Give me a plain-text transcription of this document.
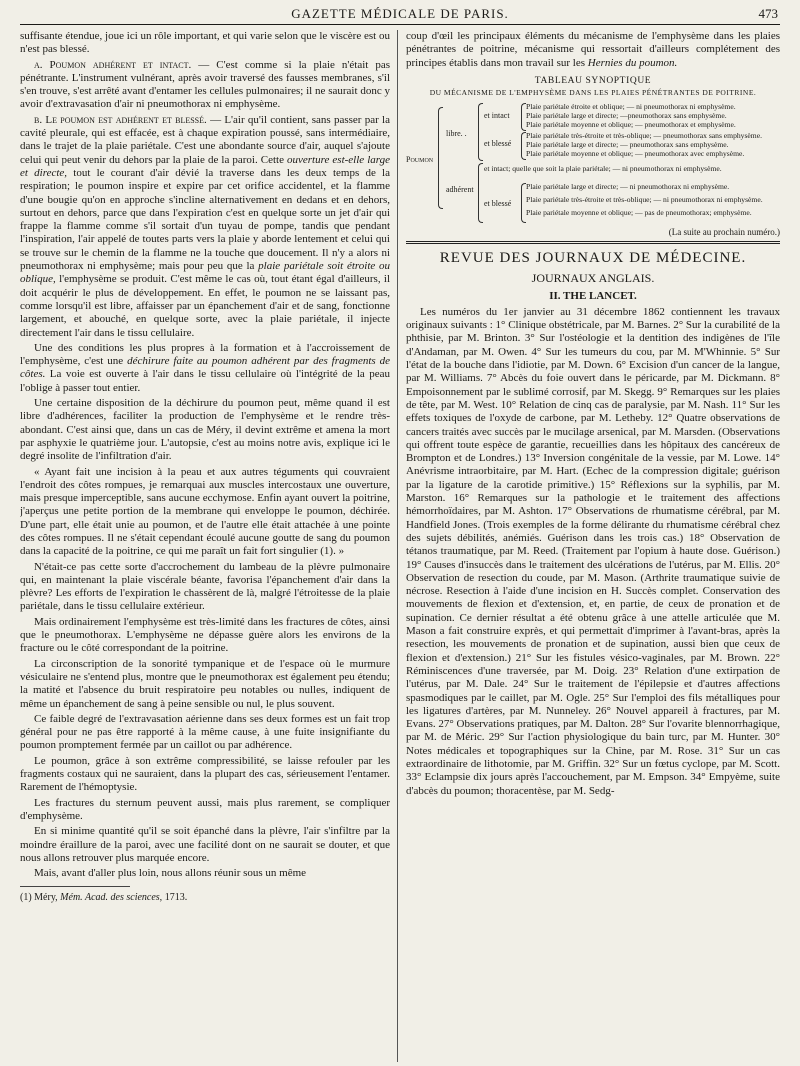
GAZETTE MÉDICALE DE PARIS.	473

suffisante étendue, joue ici un rôle important, et qui varie selon que le viscère est ou n'est pas blessé.

a. Poumon adhérent et intact. — C'est comme si la plaie n'était pas pénétrante. L'instrument vulnérant, après avoir traversé des fausses membranes, s'il s'en trouve, s'est arrêté avant d'entamer les cellules pulmonaires; il ne saurait donc y avoir d'extravasation d'air ni pneumothorax ni emphysème.

b. Le poumon est adhérent et blessé. — L'air qu'il contient, sans passer par la cavité pleurale, qui est effacée, est à chaque expiration poussé, sans intermédiaire, dans le trajet de la plaie pariétale. C'est une abondante source d'air, auquel s'ajoute celui qui peut venir du dehors par la plaie de la paroi. Cette ouverture est-elle large et directe, tout le courant d'air dévié la traverse dans les deux temps de la respiration; le poumon inspire et expire par cet orifice accidentel, et la flamme d'une bougie qu'on en approche s'incline alternativement en dedans et en dehors, surtout en dehors, parce que dans l'expiration c'est en quelque sorte un jet d'air qui frappe la flamme comme s'il sortait d'un tuyau de pompe, tandis que pendant l'inspiration, l'air appelé de toutes parts vers la plaie y aborde lentement et celui qui se trouve sur le chemin de la flamme ne la touche que doucement. Il n'y a alors ni pneumothorax ni emphysème; mais pour peu que la plaie pariétale soit étroite ou oblique, l'emphysème se produit. C'est même le cas où, tout étant égal d'ailleurs, il doit acquérir le plus de développement. En effet, le poumon ne se laissant pas, comme lorsqu'il est libre, affaisser par un épanchement d'air et de sang, fonctionne largement, et abouché, en quelque sorte, avec la plaie pariétale, il injecte directement l'air dans le tissu cellulaire.

Une des conditions les plus propres à la formation et à l'accroissement de l'emphysème, c'est une déchirure faite au poumon adhérent par des fragments de côtes. La voie est ouverte à l'air dans le tissu cellulaire où l'intégrité de la peau l'oblige à passer tout entier.

Une certaine disposition de la déchirure du poumon peut, même quand il est libre d'adhérences, faciliter la production de l'emphysème et le rendre très-abondant. C'est ainsi que, dans un cas de Méry, il devint extrême et amena la mort par asphyxie le quatrième jour. L'autopsie, c'est au moins notre avis, explique ici le degré insolite de l'infiltration d'air.

« Ayant fait une incision à la peau et aux autres téguments qui couvraient l'endroit des côtes rompues, je remarquai aux muscles intercostaux une ouverture, mais presque imperceptible, sans aucune ecchymose. Enfin ayant ouvert la poitrine, j'aperçus une petite portion de la membrane qui enveloppe le poumon, déchirée. D'une part, elle était unie au poumon, et de l'autre elle était attachée à une pointe des côtes rompues. Il ne s'était cependant écoulé aucune goutte de sang du poumon dans la capacité de la poitrine, ce qui me paraît un fait fort singulier (1). »

N'était-ce pas cette sorte d'accrochement du lambeau de la plèvre pulmonaire qui, en maintenant la plaie viscérale béante, favorisa l'épanchement d'air dans la plèvre? Les efforts de l'expiration le chassèrent de là, malgré l'étroitesse de la plaie pariétale, dans le tissu cellulaire extérieur.

Mais ordinairement l'emphysème est très-limité dans les fractures de côtes, ainsi que le pneumothorax. L'emphysème ne dépasse guère alors les environs de la fracture ou le côté correspondant de la poitrine.

La circonscription de la sonorité tympanique et de l'espace où le murmure vésiculaire ne s'entend plus, montre que le pneumothorax est également peu étendu; la matité et l'absence du bruit respiratoire peu notables ou nulles, indiquent de même un épanchement de sang à peine sensible ou nul, le plus souvent.

Ce faible degré de l'extravasation aérienne dans ses deux formes est un fait trop général pour ne pas être rapporté à la même cause, à une fuite insignifiante du poumon promptement fermée par un caillot ou par adhérence.

Le poumon, grâce à son extrême compressibilité, se laisse refouler par les fragments costaux qui ne sauraient, dans la plupart des cas, sérieusement l'entamer. Rarement de l'hémoptysie.

Les fractures du sternum peuvent aussi, mais plus rarement, se compliquer d'emphysème.

En si minime quantité qu'il se soit épanché dans la plèvre, l'air s'infiltre par la moindre éraillure de la paroi, avec une facilité dont on ne saurait se douter, et que nous allons retrouver plus marquée encore.

Mais, avant d'aller plus loin, nous allons réunir sous un même

(1) Méry, Mém. Acad. des sciences, 1713.

coup d'œil les principaux éléments du mécanisme de l'emphysème dans les plaies pénétrantes de poitrine, mécanisme qui ressortait d'ailleurs complétement des principes établis dans mon travail sur les Hernies du poumon.

TABLEAU SYNOPTIQUE
DU MÉCANISME DE L'EMPHYSÈME DANS LES PLAIES PÉNÉTRANTES DE POITRINE.
Poumon
libre. .
adhérent
et intact
et blessé
Plaie pariétale étroite et oblique; — ni pneumothorax ni emphysème.
Plaie pariétale large et directe; —pneumothorax sans emphysème.
Plaie pariétale moyenne et oblique; — pneumothorax et emphysème.
Plaie pariétale très-étroite et très-oblique; — pneumothorax sans emphysème.
Plaie pariétale large et directe; — pneumothorax sans emphysème.
Plaie pariétale moyenne et oblique; — pneumothorax avec emphysème.
et intact; quelle que soit la plaie pariétale; — ni pneumothorax ni emphysème.
et blessé
Plaie pariétale large et directe; — ni pneumothorax ni emphysème.
Plaie pariétale très-étroite et très-oblique; — ni pneumothorax ni emphysème.
Plaie pariétale moyenne et oblique; — pas de pneumothorax; emphysème.
(La suite au prochain numéro.)
REVUE DES JOURNAUX DE MÉDECINE.
JOURNAUX ANGLAIS.
II. THE LANCET.

Les numéros du 1er janvier au 31 décembre 1862 contiennent les travaux originaux suivants : 1° Clinique obstétricale, par M. Barnes. 2° Sur la curabilité de la phthisie, par M. Brinton. 3° Sur l'ostéologie et la dentition des indigènes de l'île d'Andaman, par M. Owen. 4° Sur les tumeurs du cou, par M. M'Whinnie. 5° Sur l'état de la bouche dans l'idiotie, par M. Down. 6° Excision d'un cancer de la langue, par M. Williams. 7° Abcès du foie ouvert dans le péricarde, par M. Dickmann. 8° Empoisonnement par le sublimé corrosif, par M. Skegg. 9° Remarques sur les plaies de tête, par M. West. 10° Relation de cinq cas de paralysie, par M. Nash. 11° Sur les effets toxiques de l'oxyde de carbone, par M. Letheby. 12° Quatre observations de cancers traités avec succès par le mucilage arsenical, par M. Marsden. (Observations qui offrent toute espèce de garantie, recueillies dans les hôpitaux des cancéreux de Brompton et de Londres.) 13° Inversion congénitale de la vessie, par M. Lowe. 14° Anévrisme intraorbitaire, par M. Hart. (Echec de la compression digitale; guérison par la ligature de la carotide primitive.) 15° Réflexions sur la syphilis, par M. Marston. 16° Remarques sur la pathologie et le traitement des affections hémorrhoïdaires, par M. Ashton. 17° Observations de rhumatisme cérébral, par M. Handfield Jones. (Trois exemples de la forme délirante du rhumatisme cérébral chez des sujets débilités, anémiés. Guérison dans les trois cas.) 18° Observation de tétanos traumatique, par M. Reed. (Traitement par l'opium à haute dose. Guérison.) 19° Causes d'insuccès dans le traitement des ulcérations de l'utérus, par M. Ellis. 20° Observation de resection du coude, par M. Mason. (Arthrite traumatique suivie de nécrose. Resection à l'aide d'une incision en H. Succès complet. Conservation des mouvements de flexion et d'extension, et, en partie, de ceux de pronation et de supination. Ce dernier résultat a été obtenu grâce à une attelle articulée que M. Mason a fait construire exprès, et qui permettait d'imprimer à l'avant-bras, après la resection, les mouvements de pronation et de supination, aussi bien que ceux de flexion et d'extension.) 21° Sur les fistules vésico-vaginales, par M. Brown. 22° Réminiscences d'une traversée, par M. Doig. 23° Relation d'une extirpation de l'utérus, par M. Dale. 24° Sur le traitement de l'épilepsie et d'autres affections spasmodiques par le caillet, par M. Ogle. 25° Sur l'emploi des fils métalliques pour les ligatures d'artères, par M. Nunneley. 26° Nouvel appareil à fractures, par M. Evans. 27° Observations pratiques, par M. Dalton. 28° Sur l'ovarite blennorrhagique, par M. de Méric. 29° Sur l'action physiologique du bain turc, par M. Hunter. 30° Notes médicales et topographiques sur la Chine, par M. Rose. 31° Sur un cas extraordinaire de lithotomie, par M. Griffin. 32° Sur un fœtus cyclope, par M. Scott. 33° Eclampsie dix jours après l'accouchement, par M. Empson. 34° Empyème, suite d'abcès du poumon; thoracentèse, par M. Sedg-
